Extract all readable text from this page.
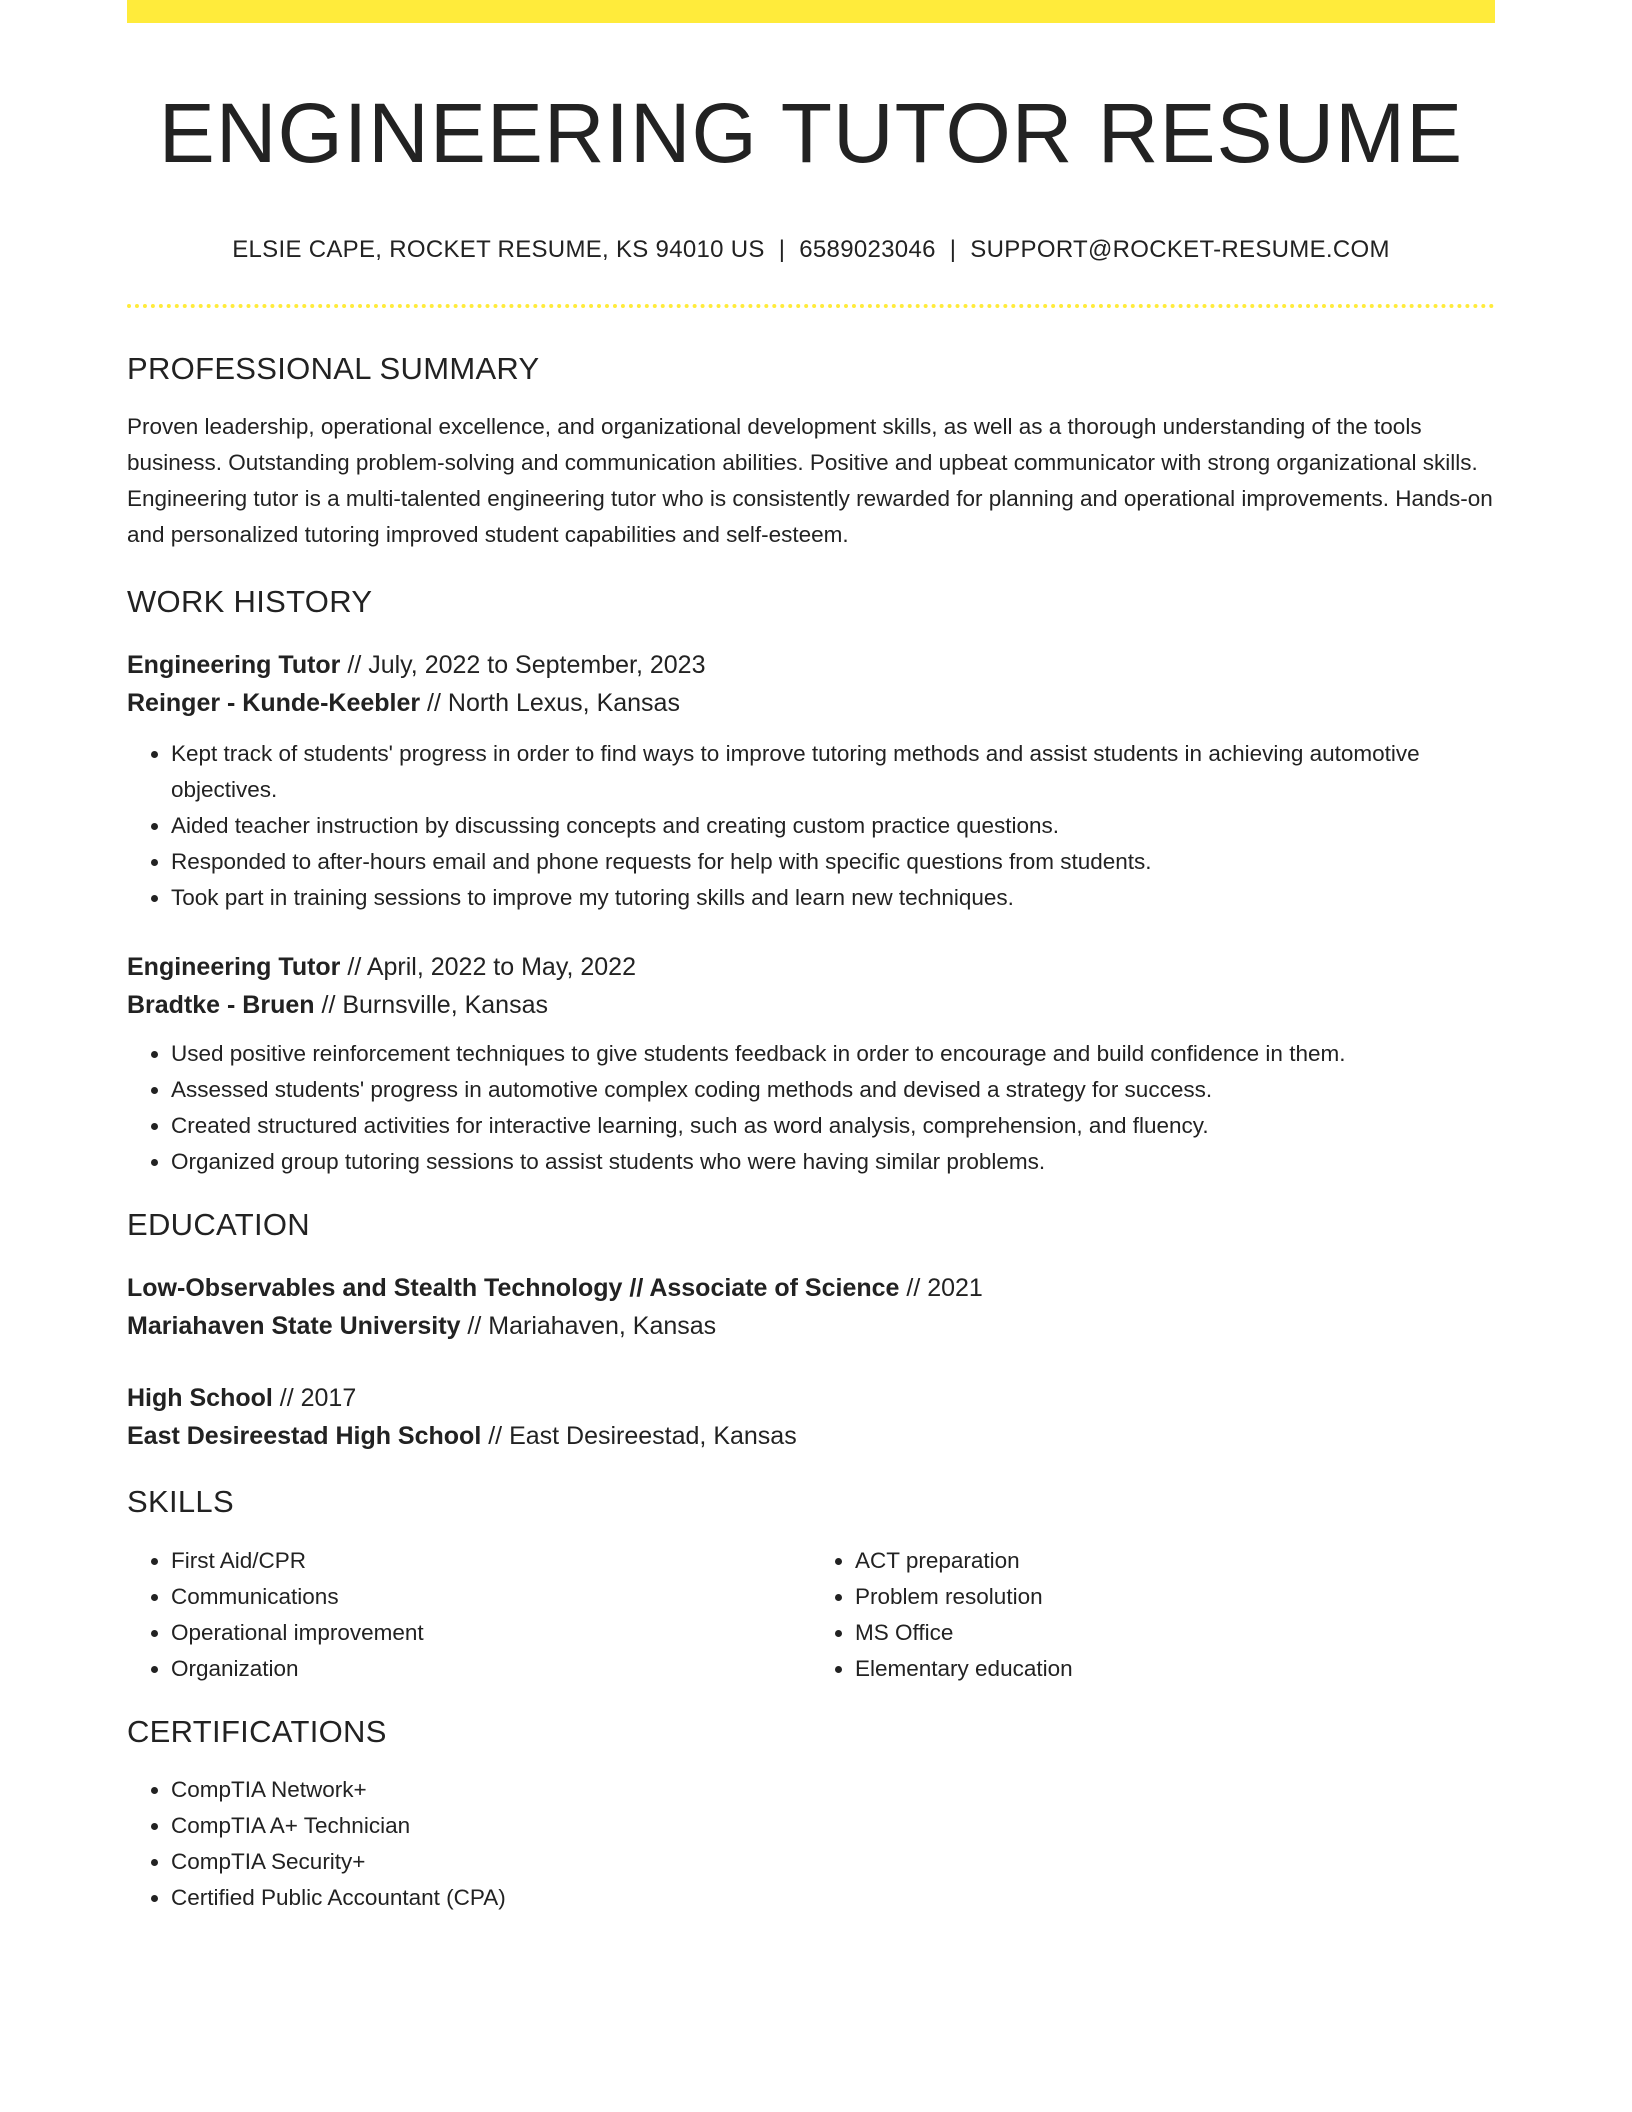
ENGINEERING TUTOR RESUME
ELSIE CAPE, ROCKET RESUME, KS 94010 US | 6589023046 | SUPPORT@ROCKET-RESUME.COM
PROFESSIONAL SUMMARY

Proven leadership, operational excellence, and organizational development skills, as well as a thorough understanding of the tools business. Outstanding problem-solving and communication abilities. Positive and upbeat communicator with strong organizational skills. Engineering tutor is a multi-talented engineering tutor who is consistently rewarded for planning and operational improvements. Hands-on and personalized tutoring improved student capabilities and self-esteem.

WORK HISTORY
Engineering Tutor // July, 2022 to September, 2023
Reinger - Kunde-Keebler // North Lexus, Kansas
• Kept track of students' progress in order to find ways to improve tutoring methods and assist students in achieving automotive objectives.
• Aided teacher instruction by discussing concepts and creating custom practice questions.
• Responded to after-hours email and phone requests for help with specific questions from students.
• Took part in training sessions to improve my tutoring skills and learn new techniques.
Engineering Tutor // April, 2022 to May, 2022
Bradtke - Bruen // Burnsville, Kansas
• Used positive reinforcement techniques to give students feedback in order to encourage and build confidence in them.
• Assessed students' progress in automotive complex coding methods and devised a strategy for success.
• Created structured activities for interactive learning, such as word analysis, comprehension, and fluency.
• Organized group tutoring sessions to assist students who were having similar problems.
EDUCATION
Low-Observables and Stealth Technology // Associate of Science // 2021
Mariahaven State University // Mariahaven, Kansas
High School // 2017
East Desireestad High School // East Desireestad, Kansas
SKILLS
• First Aid/CPR
• Communications
• Operational improvement
• Organization
• ACT preparation
• Problem resolution
• MS Office
• Elementary education
CERTIFICATIONS
• CompTIA Network+
• CompTIA A+ Technician
• CompTIA Security+
• Certified Public Accountant (CPA)
